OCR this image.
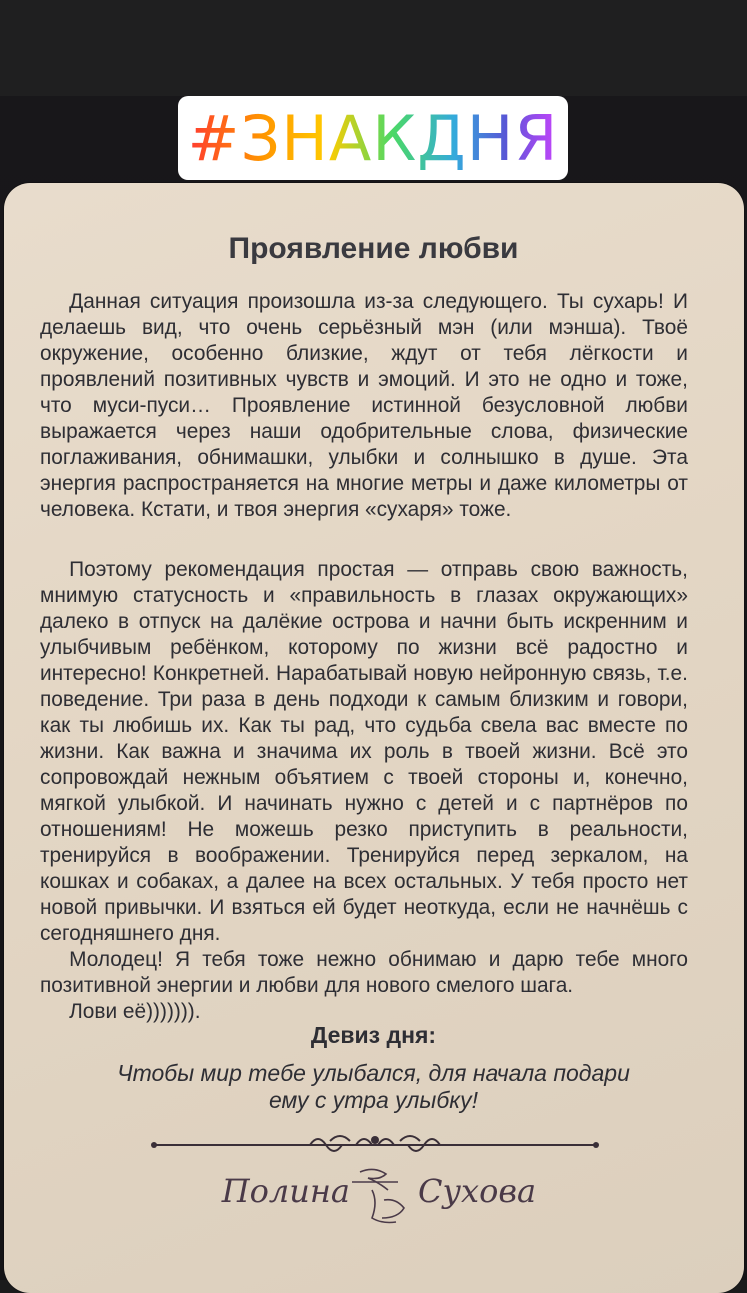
#ЗНАКДНЯ
Проявление любви
Данная ситуация произошла из-за следующего. Ты сухарь! И делаешь вид, что очень серьёзный мэн (или мэнша). Твоё окружение, особенно близкие, ждут от тебя лёгкости и проявлений позитивных чувств и эмоций. И это не одно и тоже, что муси-пуси… Проявление истинной безусловной любви выражается через наши одобрительные слова, физические поглаживания, обнимашки, улыбки и солнышко в душе. Эта энергия распространяется на многие метры и даже километры от человека. Кстати, и твоя энергия «сухаря» тоже.
Поэтому рекомендация простая — отправь свою важность, мнимую статусность и «правильность в глазах окружающих» далеко в отпуск на далёкие острова и начни быть искренним и улыбчивым ребёнком, которому по жизни всё радостно и интересно! Конкретней. Нарабатывай новую нейронную связь, т.е. поведение. Три раза в день подходи к самым близким и говори, как ты любишь их. Как ты рад, что судьба свела вас вместе по жизни. Как важна и значима их роль в твоей жизни. Всё это сопровождай нежным объятием с твоей стороны и, конечно, мягкой улыбкой. И начинать нужно с детей и с партнёров по отношениям! Не можешь резко приступить в реальности, тренируйся в воображении. Тренируйся перед зеркалом, на кошках и собаках, а далее на всех остальных. У тебя просто нет новой привычки. И взяться ей будет неоткуда, если не начнёшь с сегодняшнего дня.
Молодец! Я тебя тоже нежно обнимаю и дарю тебе много позитивной энергии и любви для нового смелого шага.
Лови её))))))).
Девиз дня:
Чтобы мир тебе улыбался, для начала подари
ему с утра улыбку!
Полина Сухова
